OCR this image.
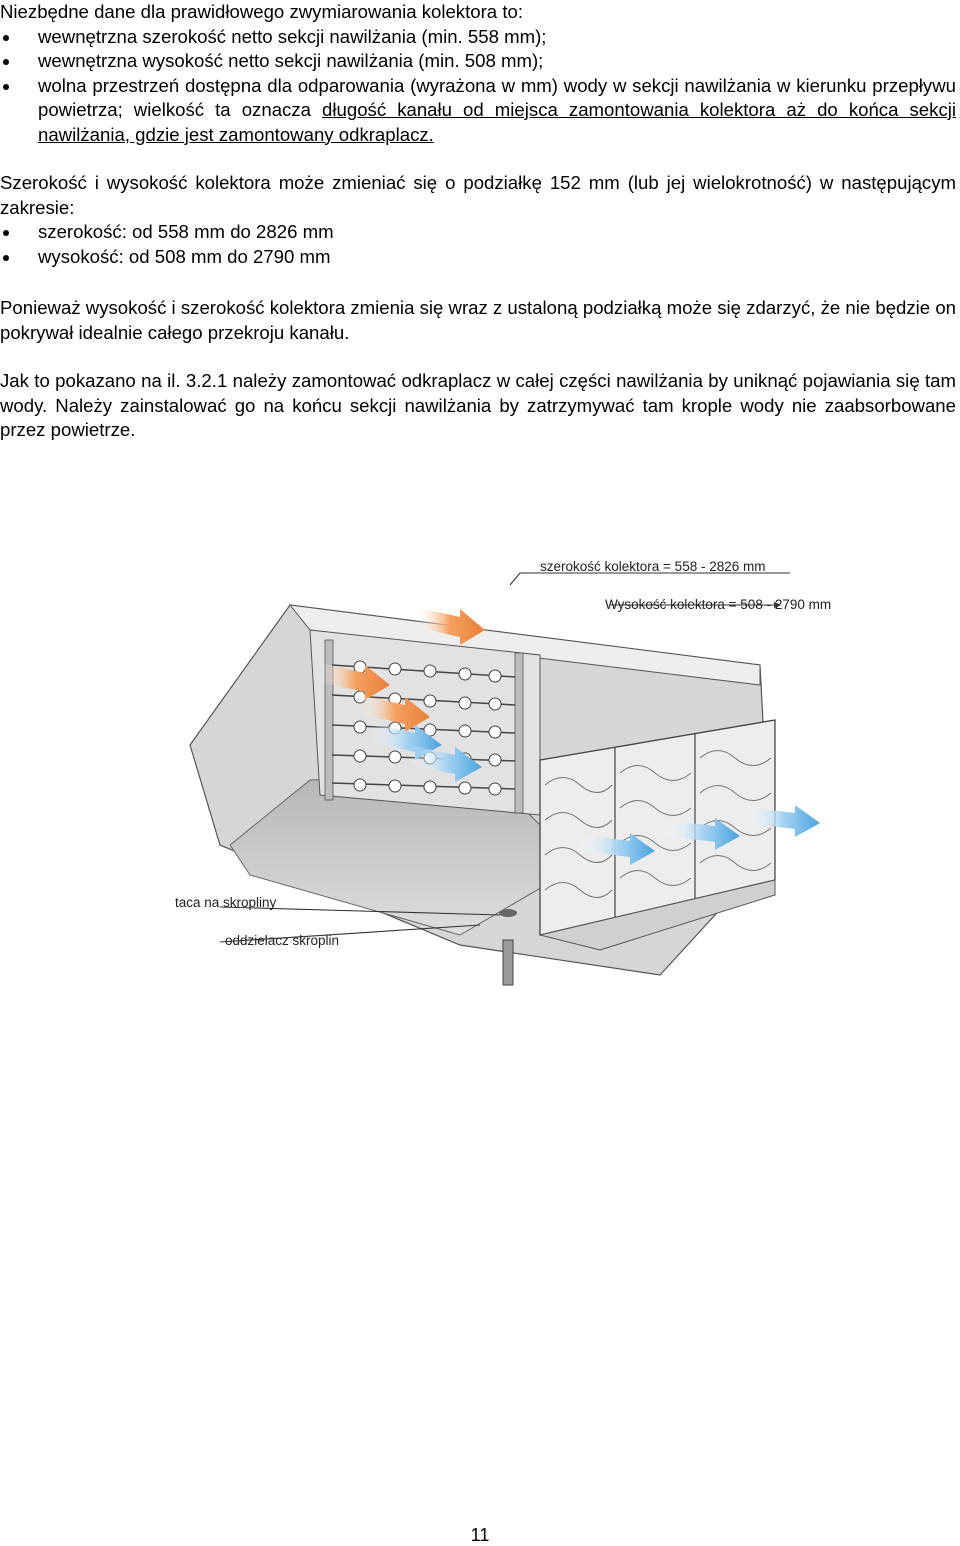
Niezbędne dane dla prawidłowego zwymiarowania kolektora to:

wewnętrzna szerokość netto sekcji nawilżania (min. 558 mm);
wewnętrzna wysokość netto sekcji nawilżania (min. 508 mm);
wolna przestrzeń dostępna dla odparowania (wyrażona w mm) wody w sekcji nawilżania w kierunku przepływu powietrza; wielkość ta oznacza długość kanału od miejsca zamontowania kolektora aż do końca sekcji nawilżania, gdzie jest zamontowany odkraplacz.

Szerokość i wysokość kolektora może zmieniać się o podziałkę 152 mm (lub jej wielokrotność) w następującym zakresie:

szerokość: od 558 mm do 2826 mm
wysokość: od 508 mm do 2790 mm

Ponieważ wysokość i szerokość kolektora zmienia się wraz z ustaloną podziałką może się zdarzyć, że nie będzie on pokrywał idealnie całego przekroju kanału.

Jak to pokazano na il. 3.2.1 należy zamontować odkraplacz w całej części nawilżania by uniknąć pojawiania się tam wody. Należy zainstalować go na końcu sekcji nawilżania by zatrzymywać tam krople wody nie zaabsorbowane przez powietrze.

szerokość kolektora = 558 - 2826 mm
Wysokość kolektora = 508 - 2790 mm
taca na skropliny
oddzielacz skroplin
11
